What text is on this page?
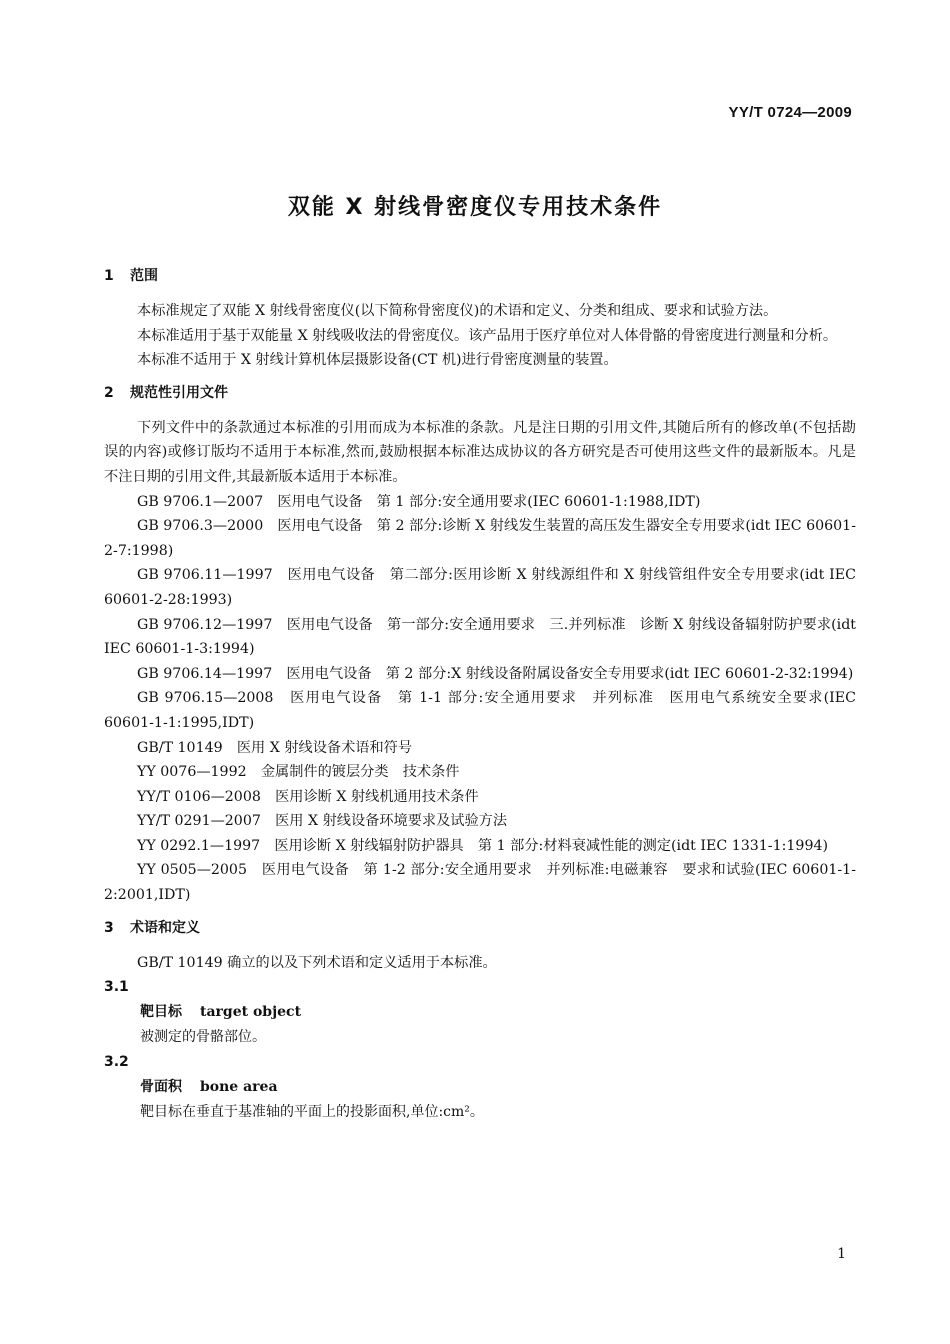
YY/T 0724—2009
双能 X 射线骨密度仪专用技术条件
1 范围
本标准规定了双能 X 射线骨密度仪(以下简称骨密度仪)的术语和定义、分类和组成、要求和试验方法。
本标准适用于基于双能量 X 射线吸收法的骨密度仪。该产品用于医疗单位对人体骨骼的骨密度进行测量和分析。
本标准不适用于 X 射线计算机体层摄影设备(CT 机)进行骨密度测量的装置。
2 规范性引用文件
下列文件中的条款通过本标准的引用而成为本标准的条款。凡是注日期的引用文件,其随后所有的修改单(不包括勘误的内容)或修订版均不适用于本标准,然而,鼓励根据本标准达成协议的各方研究是否可使用这些文件的最新版本。凡是不注日期的引用文件,其最新版本适用于本标准。
GB 9706.1—2007　医用电气设备　第 1 部分:安全通用要求(IEC 60601-1:1988,IDT)
GB 9706.3—2000　医用电气设备　第 2 部分:诊断 X 射线发生装置的高压发生器安全专用要求(idt IEC 60601-2-7:1998)
GB 9706.11—1997　医用电气设备　第二部分:医用诊断 X 射线源组件和 X 射线管组件安全专用要求(idt IEC 60601-2-28:1993)
GB 9706.12—1997　医用电气设备　第一部分:安全通用要求　三.并列标准　诊断 X 射线设备辐射防护要求(idt IEC 60601-1-3:1994)
GB 9706.14—1997　医用电气设备　第 2 部分:X 射线设备附属设备安全专用要求(idt IEC 60601-2-32:1994)
GB 9706.15—2008　医用电气设备　第 1-1 部分:安全通用要求　并列标准　医用电气系统安全要求(IEC 60601-1-1:1995,IDT)
GB/T 10149　医用 X 射线设备术语和符号
YY 0076—1992　金属制件的镀层分类　技术条件
YY/T 0106—2008　医用诊断 X 射线机通用技术条件
YY/T 0291—2007　医用 X 射线设备环境要求及试验方法
YY 0292.1—1997　医用诊断 X 射线辐射防护器具　第 1 部分:材料衰减性能的测定(idt IEC 1331-1:1994)
YY 0505—2005　医用电气设备　第 1-2 部分:安全通用要求　并列标准:电磁兼容　要求和试验(IEC 60601-1-2:2001,IDT)
3 术语和定义
GB/T 10149 确立的以及下列术语和定义适用于本标准。
3.1
靶目标 target object
被测定的骨骼部位。
3.2
骨面积 bone area
靶目标在垂直于基准轴的平面上的投影面积,单位:cm²。
1
